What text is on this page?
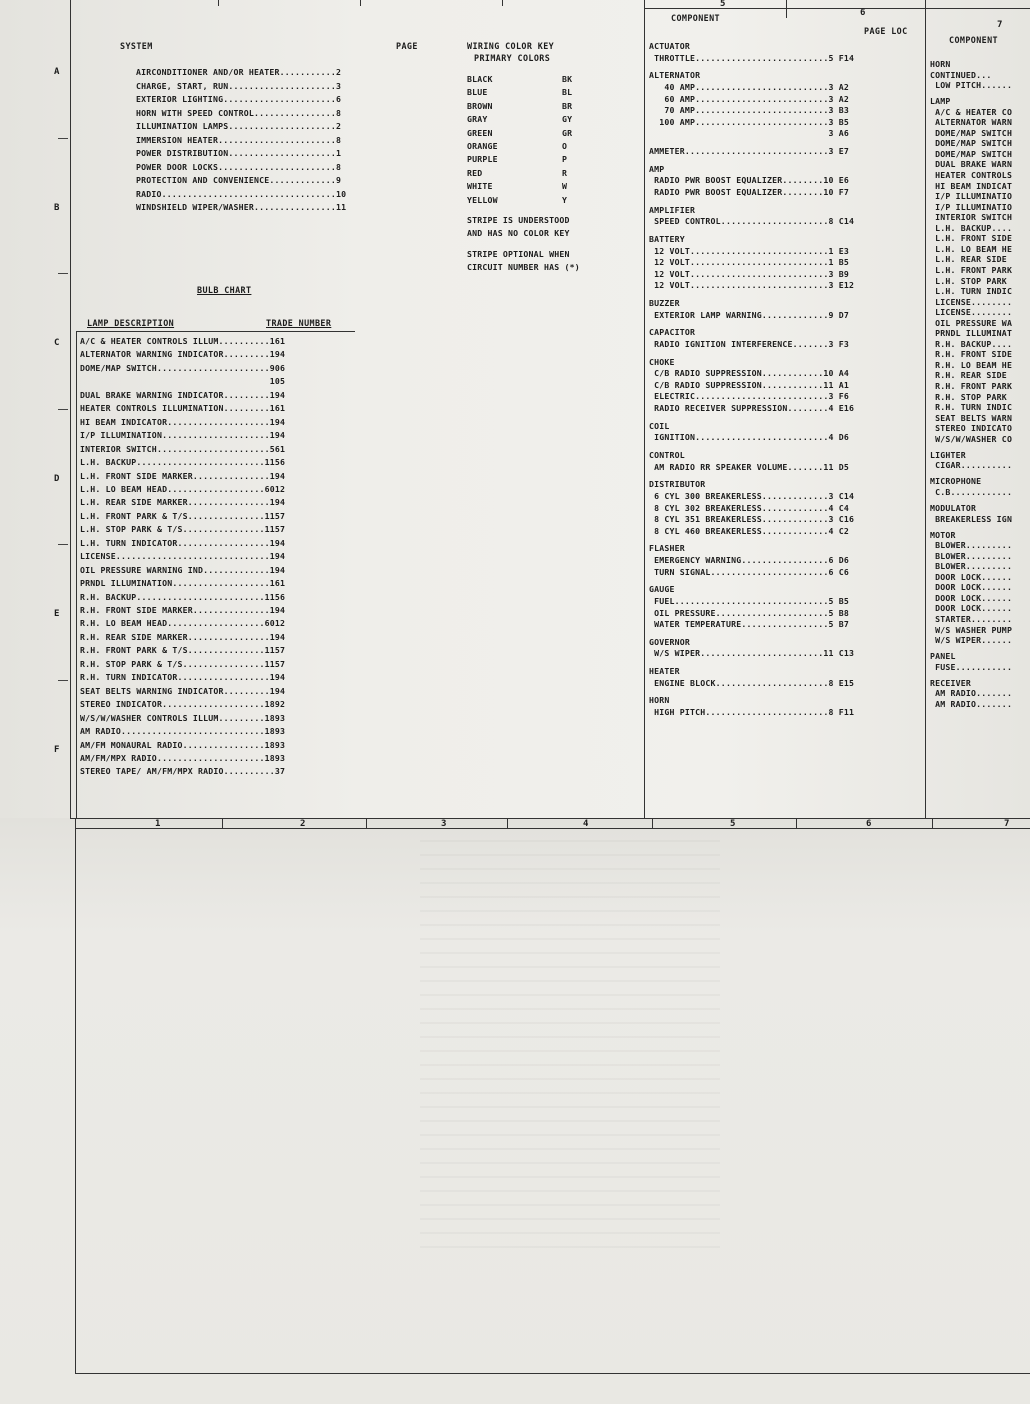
1	2	3	4	5	6	7
5
6
7
A
B
C
D
E
F
SYSTEM	PAGE
AIRCONDITIONER AND/OR HEATER...........2
CHARGE, START, RUN.....................3
EXTERIOR LIGHTING......................6
HORN WITH SPEED CONTROL................8
ILLUMINATION LAMPS.....................2
IMMERSION HEATER.......................8
POWER DISTRIBUTION.....................1
POWER DOOR LOCKS.......................8
PROTECTION AND CONVENIENCE.............9
RADIO..................................10
WINDSHIELD WIPER/WASHER................11
WIRING COLOR KEY
PRIMARY COLORS
BLACK	BK
BLUE	BL
BROWN	BR
GRAY	GY
GREEN	GR
ORANGE	O
PURPLE	P
RED	R
WHITE	W
YELLOW	Y
STRIPE IS UNDERSTOOD
AND HAS NO COLOR KEY
STRIPE OPTIONAL WHEN
CIRCUIT NUMBER HAS (*)
BULB CHART
LAMP DESCRIPTION	TRADE NUMBER
A/C & HEATER CONTROLS ILLUM..........161
ALTERNATOR WARNING INDICATOR.........194
DOME/MAP SWITCH......................906
105
DUAL BRAKE WARNING INDICATOR.........194
HEATER CONTROLS ILLUMINATION.........161
HI BEAM INDICATOR....................194
I/P ILLUMINATION.....................194
INTERIOR SWITCH......................561
L.H. BACKUP.........................1156
L.H. FRONT SIDE MARKER...............194
L.H. LO BEAM HEAD...................6012
L.H. REAR SIDE MARKER................194
L.H. FRONT PARK & T/S...............1157
L.H. STOP PARK & T/S................1157
L.H. TURN INDICATOR..................194
LICENSE..............................194
OIL PRESSURE WARNING IND.............194
PRNDL ILLUMINATION...................161
R.H. BACKUP.........................1156
R.H. FRONT SIDE MARKER...............194
R.H. LO BEAM HEAD...................6012
R.H. REAR SIDE MARKER................194
R.H. FRONT PARK & T/S...............1157
R.H. STOP PARK & T/S................1157
R.H. TURN INDICATOR..................194
SEAT BELTS WARNING INDICATOR.........194
STEREO INDICATOR....................1892
W/S/W/WASHER CONTROLS ILLUM.........1893
AM RADIO............................1893
AM/FM MONAURAL RADIO................1893
AM/FM/MPX RADIO.....................1893
STEREO TAPE/ AM/FM/MPX RADIO..........37
COMPONENT
PAGE LOC
ACTUATOR
THROTTLE..........................5 F14
ALTERNATOR
40 AMP..........................3 A2
60 AMP..........................3 A2
70 AMP..........................3 B3
100 AMP..........................3 B5
3 A6
AMMETER............................3 E7
AMP
RADIO PWR BOOST EQUALIZER........10 E6
RADIO PWR BOOST EQUALIZER........10 F7
AMPLIFIER
SPEED CONTROL.....................8 C14
BATTERY
12 VOLT...........................1 E3
12 VOLT...........................1 B5
12 VOLT...........................3 B9
12 VOLT...........................3 E12
BUZZER
EXTERIOR LAMP WARNING.............9 D7
CAPACITOR
RADIO IGNITION INTERFERENCE.......3 F3
CHOKE
C/B RADIO SUPPRESSION............10 A4
C/B RADIO SUPPRESSION............11 A1
ELECTRIC..........................3 F6
RADIO RECEIVER SUPPRESSION........4 E16
COIL
IGNITION..........................4 D6
CONTROL
AM RADIO RR SPEAKER VOLUME.......11 D5
DISTRIBUTOR
6 CYL 300 BREAKERLESS.............3 C14
8 CYL 302 BREAKERLESS.............4 C4
8 CYL 351 BREAKERLESS.............3 C16
8 CYL 460 BREAKERLESS.............4 C2
FLASHER
EMERGENCY WARNING.................6 D6
TURN SIGNAL.......................6 C6
GAUGE
FUEL..............................5 B5
OIL PRESSURE......................5 B8
WATER TEMPERATURE.................5 B7
GOVERNOR
W/S WIPER........................11 C13
HEATER
ENGINE BLOCK......................8 E15
HORN
HIGH PITCH........................8 F11
COMPONENT
HORN
CONTINUED...
LOW PITCH......
LAMP
A/C & HEATER CO
ALTERNATOR WARN
DOME/MAP SWITCH
DOME/MAP SWITCH
DOME/MAP SWITCH
DUAL BRAKE WARN
HEATER CONTROLS
HI BEAM INDICAT
I/P ILLUMINATIO
I/P ILLUMINATIO
INTERIOR SWITCH
L.H. BACKUP....
L.H. FRONT SIDE
L.H. LO BEAM HE
L.H. REAR SIDE
L.H. FRONT PARK
L.H. STOP PARK
L.H. TURN INDIC
LICENSE........
LICENSE........
OIL PRESSURE WA
PRNDL ILLUMINAT
R.H. BACKUP....
R.H. FRONT SIDE
R.H. LO BEAM HE
R.H. REAR SIDE
R.H. FRONT PARK
R.H. STOP PARK
R.H. TURN INDIC
SEAT BELTS WARN
STEREO INDICATO
W/S/W/WASHER CO
LIGHTER
CIGAR..........
MICROPHONE
C.B............
MODULATOR
BREAKERLESS IGN
MOTOR
BLOWER.........
BLOWER.........
BLOWER.........
DOOR LOCK......
DOOR LOCK......
DOOR LOCK......
DOOR LOCK......
STARTER........
W/S WASHER PUMP
W/S WIPER......
PANEL
FUSE...........
RECEIVER
AM RADIO.......
AM RADIO.......
